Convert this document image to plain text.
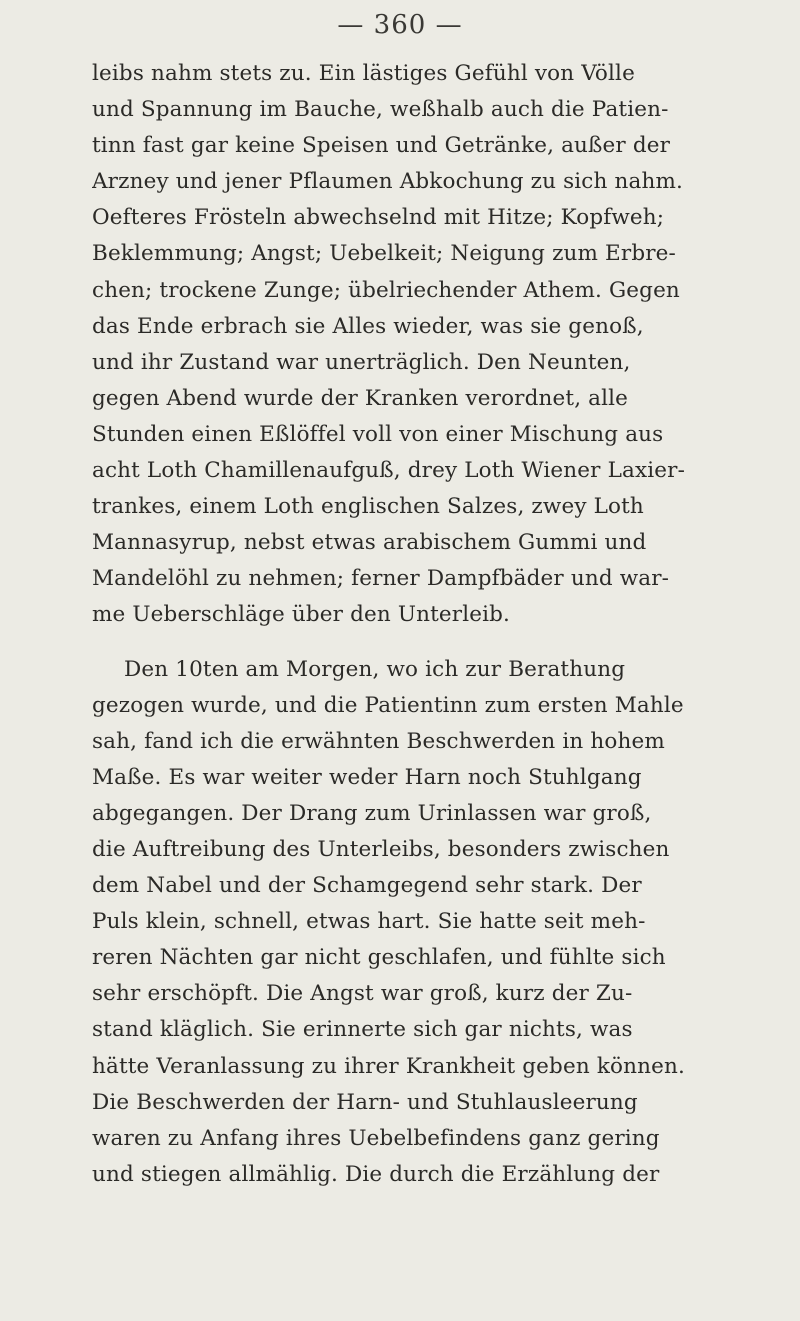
— 360 —
leibs nahm stets zu. Ein lästiges Gefühl von Völle
und Spannung im Bauche, weßhalb auch die Patien-
tinn fast gar keine Speisen und Getränke, außer der
Arzney und jener Pflaumen Abkochung zu sich nahm.
Oefteres Frösteln abwechselnd mit Hitze; Kopfweh;
Beklemmung; Angst; Uebelkeit; Neigung zum Erbre-
chen; trockene Zunge; übelriechender Athem. Gegen
das Ende erbrach sie Alles wieder, was sie genoß,
und ihr Zustand war unerträglich. Den Neunten,
gegen Abend wurde der Kranken verordnet, alle
Stunden einen Eßlöffel voll von einer Mischung aus
acht Loth Chamillenaufguß, drey Loth Wiener Laxier-
trankes, einem Loth englischen Salzes, zwey Loth
Mannasyrup, nebst etwas arabischem Gummi und
Mandelöhl zu nehmen; ferner Dampfbäder und war-
me Ueberschläge über den Unterleib.
Den 10ten am Morgen, wo ich zur Berathung
gezogen wurde, und die Patientinn zum ersten Mahle
sah, fand ich die erwähnten Beschwerden in hohem
Maße. Es war weiter weder Harn noch Stuhlgang
abgegangen. Der Drang zum Urinlassen war groß,
die Auftreibung des Unterleibs, besonders zwischen
dem Nabel und der Schamgegend sehr stark. Der
Puls klein, schnell, etwas hart. Sie hatte seit meh-
reren Nächten gar nicht geschlafen, und fühlte sich
sehr erschöpft. Die Angst war groß, kurz der Zu-
stand kläglich. Sie erinnerte sich gar nichts, was
hätte Veranlassung zu ihrer Krankheit geben können.
Die Beschwerden der Harn- und Stuhlausleerung
waren zu Anfang ihres Uebelbefindens ganz gering
und stiegen allmählig. Die durch die Erzählung der
